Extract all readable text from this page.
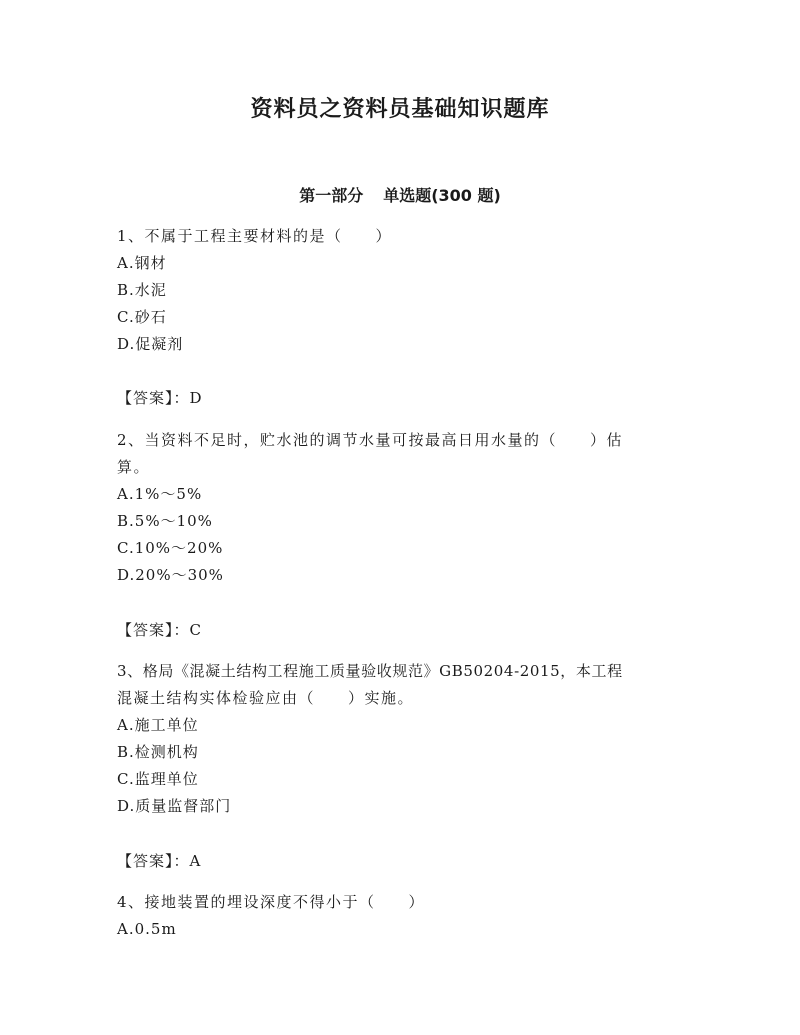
资料员之资料员基础知识题库
第一部分 单选题(300 题)
1、不属于工程主要材料的是（　　）
A.钢材
B.水泥
C.砂石
D.促凝剂
【答案】：D
2、当资料不足时，贮水池的调节水量可按最高日用水量的（　　）估
算。
A.1%～5%
B.5%～10%
C.10%～20%
D.20%～30%
【答案】：C
3、格局《混凝土结构工程施工质量验收规范》GB50204-2015，本工程
混凝土结构实体检验应由（　　）实施。
A.施工单位
B.检测机构
C.监理单位
D.质量监督部门
【答案】：A
4、接地装置的埋设深度不得小于（　　）
A.0.5m
